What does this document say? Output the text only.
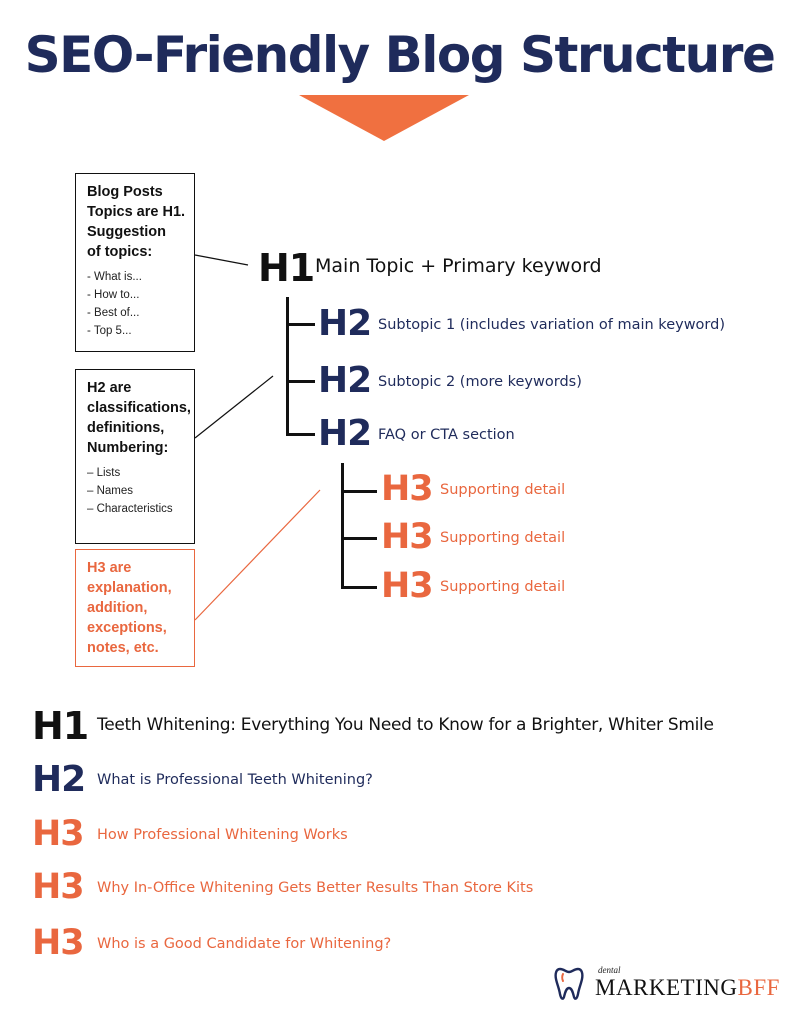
SEO-Friendly Blog Structure
Blog Posts
Topics are H1.
Suggestion
of topics:
- What is...
- How to...
- Best of...
- Top 5...
H2 are
classifications,
definitions,
Numbering:
– Lists
– Names
– Characteristics
H3 are
explanation,
addition,
exceptions,
notes, etc.
H1 Main Topic + Primary keyword
H2 Subtopic 1 (includes variation of main keyword)
H2 Subtopic 2 (more keywords)
H2 FAQ or CTA section
H3 Supporting detail
H3 Supporting detail
H3 Supporting detail
H1 Teeth Whitening: Everything You Need to Know for a Brighter, Whiter Smile
H2 What is Professional Teeth Whitening?
H3 How Professional Whitening Works
H3 Why In-Office Whitening Gets Better Results Than Store Kits
H3 Who is a Good Candidate for Whitening?
dental
MARKETINGBFF
